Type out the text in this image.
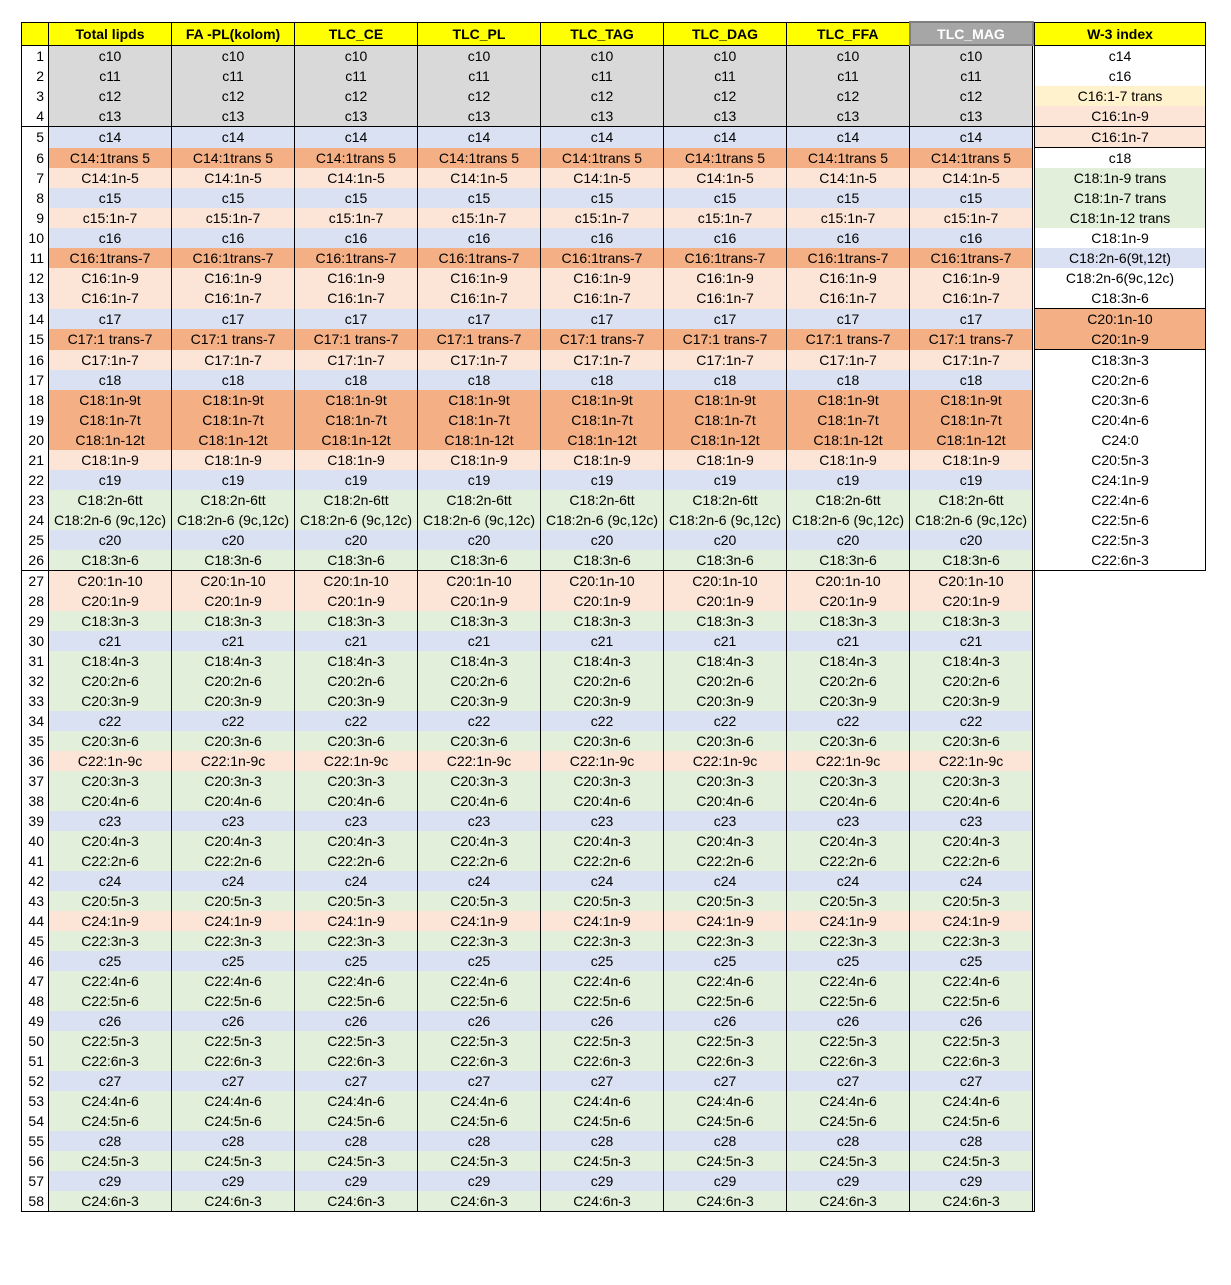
	Total lipds	FA -PL(kolom)	TLC_CE	TLC_PL	TLC_TAG	TLC_DAG	TLC_FFA	TLC_MAG		W-3 index
1	c10	c10	c10	c10	c10	c10	c10	c10		c14
2	c11	c11	c11	c11	c11	c11	c11	c11		c16
3	c12	c12	c12	c12	c12	c12	c12	c12		C16:1-7 trans
4	c13	c13	c13	c13	c13	c13	c13	c13		C16:1n-9
5	c14	c14	c14	c14	c14	c14	c14	c14		C16:1n-7
6	C14:1trans 5	C14:1trans 5	C14:1trans 5	C14:1trans 5	C14:1trans 5	C14:1trans 5	C14:1trans 5	C14:1trans 5		c18
7	C14:1n-5	C14:1n-5	C14:1n-5	C14:1n-5	C14:1n-5	C14:1n-5	C14:1n-5	C14:1n-5		C18:1n-9 trans
8	c15	c15	c15	c15	c15	c15	c15	c15		C18:1n-7 trans
9	c15:1n-7	c15:1n-7	c15:1n-7	c15:1n-7	c15:1n-7	c15:1n-7	c15:1n-7	c15:1n-7		C18:1n-12 trans
10	c16	c16	c16	c16	c16	c16	c16	c16		C18:1n-9
11	C16:1trans-7	C16:1trans-7	C16:1trans-7	C16:1trans-7	C16:1trans-7	C16:1trans-7	C16:1trans-7	C16:1trans-7		C18:2n-6(9t,12t)
12	C16:1n-9	C16:1n-9	C16:1n-9	C16:1n-9	C16:1n-9	C16:1n-9	C16:1n-9	C16:1n-9		C18:2n-6(9c,12c)
13	C16:1n-7	C16:1n-7	C16:1n-7	C16:1n-7	C16:1n-7	C16:1n-7	C16:1n-7	C16:1n-7		C18:3n-6
14	c17	c17	c17	c17	c17	c17	c17	c17		C20:1n-10
15	C17:1 trans-7	C17:1 trans-7	C17:1 trans-7	C17:1 trans-7	C17:1 trans-7	C17:1 trans-7	C17:1 trans-7	C17:1 trans-7		C20:1n-9
16	C17:1n-7	C17:1n-7	C17:1n-7	C17:1n-7	C17:1n-7	C17:1n-7	C17:1n-7	C17:1n-7		C18:3n-3
17	c18	c18	c18	c18	c18	c18	c18	c18		C20:2n-6
18	C18:1n-9t	C18:1n-9t	C18:1n-9t	C18:1n-9t	C18:1n-9t	C18:1n-9t	C18:1n-9t	C18:1n-9t		C20:3n-6
19	C18:1n-7t	C18:1n-7t	C18:1n-7t	C18:1n-7t	C18:1n-7t	C18:1n-7t	C18:1n-7t	C18:1n-7t		C20:4n-6
20	C18:1n-12t	C18:1n-12t	C18:1n-12t	C18:1n-12t	C18:1n-12t	C18:1n-12t	C18:1n-12t	C18:1n-12t		C24:0
21	C18:1n-9	C18:1n-9	C18:1n-9	C18:1n-9	C18:1n-9	C18:1n-9	C18:1n-9	C18:1n-9		C20:5n-3
22	c19	c19	c19	c19	c19	c19	c19	c19		C24:1n-9
23	C18:2n-6tt	C18:2n-6tt	C18:2n-6tt	C18:2n-6tt	C18:2n-6tt	C18:2n-6tt	C18:2n-6tt	C18:2n-6tt		C22:4n-6
24	C18:2n-6 (9c,12c)	C18:2n-6 (9c,12c)	C18:2n-6 (9c,12c)	C18:2n-6 (9c,12c)	C18:2n-6 (9c,12c)	C18:2n-6 (9c,12c)	C18:2n-6 (9c,12c)	C18:2n-6 (9c,12c)		C22:5n-6
25	c20	c20	c20	c20	c20	c20	c20	c20		C22:5n-3
26	C18:3n-6	C18:3n-6	C18:3n-6	C18:3n-6	C18:3n-6	C18:3n-6	C18:3n-6	C18:3n-6		C22:6n-3
27	C20:1n-10	C20:1n-10	C20:1n-10	C20:1n-10	C20:1n-10	C20:1n-10	C20:1n-10	C20:1n-10		
28	C20:1n-9	C20:1n-9	C20:1n-9	C20:1n-9	C20:1n-9	C20:1n-9	C20:1n-9	C20:1n-9		
29	C18:3n-3	C18:3n-3	C18:3n-3	C18:3n-3	C18:3n-3	C18:3n-3	C18:3n-3	C18:3n-3		
30	c21	c21	c21	c21	c21	c21	c21	c21		
31	C18:4n-3	C18:4n-3	C18:4n-3	C18:4n-3	C18:4n-3	C18:4n-3	C18:4n-3	C18:4n-3		
32	C20:2n-6	C20:2n-6	C20:2n-6	C20:2n-6	C20:2n-6	C20:2n-6	C20:2n-6	C20:2n-6		
33	C20:3n-9	C20:3n-9	C20:3n-9	C20:3n-9	C20:3n-9	C20:3n-9	C20:3n-9	C20:3n-9		
34	c22	c22	c22	c22	c22	c22	c22	c22		
35	C20:3n-6	C20:3n-6	C20:3n-6	C20:3n-6	C20:3n-6	C20:3n-6	C20:3n-6	C20:3n-6		
36	C22:1n-9c	C22:1n-9c	C22:1n-9c	C22:1n-9c	C22:1n-9c	C22:1n-9c	C22:1n-9c	C22:1n-9c		
37	C20:3n-3	C20:3n-3	C20:3n-3	C20:3n-3	C20:3n-3	C20:3n-3	C20:3n-3	C20:3n-3		
38	C20:4n-6	C20:4n-6	C20:4n-6	C20:4n-6	C20:4n-6	C20:4n-6	C20:4n-6	C20:4n-6		
39	c23	c23	c23	c23	c23	c23	c23	c23		
40	C20:4n-3	C20:4n-3	C20:4n-3	C20:4n-3	C20:4n-3	C20:4n-3	C20:4n-3	C20:4n-3		
41	C22:2n-6	C22:2n-6	C22:2n-6	C22:2n-6	C22:2n-6	C22:2n-6	C22:2n-6	C22:2n-6		
42	c24	c24	c24	c24	c24	c24	c24	c24		
43	C20:5n-3	C20:5n-3	C20:5n-3	C20:5n-3	C20:5n-3	C20:5n-3	C20:5n-3	C20:5n-3		
44	C24:1n-9	C24:1n-9	C24:1n-9	C24:1n-9	C24:1n-9	C24:1n-9	C24:1n-9	C24:1n-9		
45	C22:3n-3	C22:3n-3	C22:3n-3	C22:3n-3	C22:3n-3	C22:3n-3	C22:3n-3	C22:3n-3		
46	c25	c25	c25	c25	c25	c25	c25	c25		
47	C22:4n-6	C22:4n-6	C22:4n-6	C22:4n-6	C22:4n-6	C22:4n-6	C22:4n-6	C22:4n-6		
48	C22:5n-6	C22:5n-6	C22:5n-6	C22:5n-6	C22:5n-6	C22:5n-6	C22:5n-6	C22:5n-6		
49	c26	c26	c26	c26	c26	c26	c26	c26		
50	C22:5n-3	C22:5n-3	C22:5n-3	C22:5n-3	C22:5n-3	C22:5n-3	C22:5n-3	C22:5n-3		
51	C22:6n-3	C22:6n-3	C22:6n-3	C22:6n-3	C22:6n-3	C22:6n-3	C22:6n-3	C22:6n-3		
52	c27	c27	c27	c27	c27	c27	c27	c27		
53	C24:4n-6	C24:4n-6	C24:4n-6	C24:4n-6	C24:4n-6	C24:4n-6	C24:4n-6	C24:4n-6		
54	C24:5n-6	C24:5n-6	C24:5n-6	C24:5n-6	C24:5n-6	C24:5n-6	C24:5n-6	C24:5n-6		
55	c28	c28	c28	c28	c28	c28	c28	c28		
56	C24:5n-3	C24:5n-3	C24:5n-3	C24:5n-3	C24:5n-3	C24:5n-3	C24:5n-3	C24:5n-3		
57	c29	c29	c29	c29	c29	c29	c29	c29		
58	C24:6n-3	C24:6n-3	C24:6n-3	C24:6n-3	C24:6n-3	C24:6n-3	C24:6n-3	C24:6n-3		
